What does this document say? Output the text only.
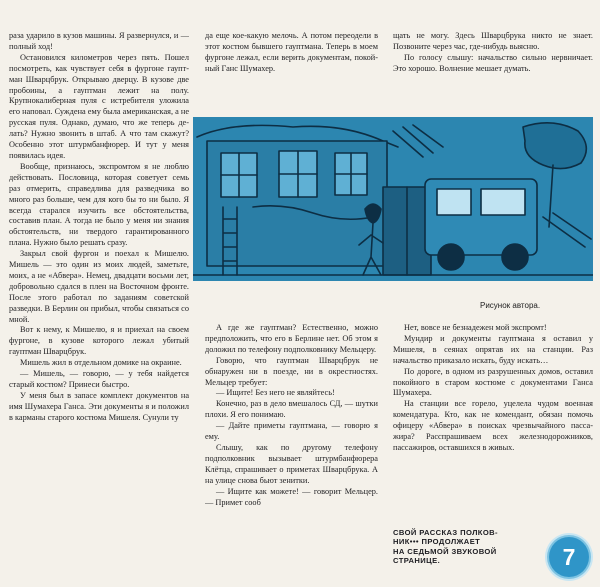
раза ударило в кузов машины. Я развернулся, и — полный ход!

Остановился километров через пять. Пошел посмотреть, как чувствует себя в фургоне гауптман Шварцбрук. Открываю дверцу. В кузове две пробоины, а гауптман лежит на полу. Крупнокалиберная пуля с истребителя уложила его наповал. Суждена ему была американская, а не русская пуля. Однако, думаю, что же теперь делать? Нужно звонить в штаб. А что там скажут? Особенно этот штурмбанфюрер. И тут у меня появилась идея.

Вообще, признаюсь, экспромтом я не люблю действовать. Пословица, которая советует семь раз отмерить, справедлива для разведчика во много раз больше, чем для кого бы то ни было. Я всегда старался изучить все обстоятельства, составив план. А тогда не было у меня ни знания обстоятельств, ни твердого гарантированного плана. Нужно было решать сразу.

Закрыл свой фургон и поехал к Мишелю. Мишель — это один из моих людей, заметьте, моих, а не «Абвера». Немец, двадцати восьми лет, добровольно сдался в плен на Восточном фронте. После этого работал по заданиям советской разведки. В Берлин он прибыл, чтобы связаться со мной.

Вот к нему, к Мишелю, я и приехал на своем фургоне, в кузове которого лежал убитый гауптман Шварцбрук.

Мишель жил в отдельном домике на окраине.

— Мишель, — говорю, — у тебя найдется старый костюм? Принеси быстро.

У меня был в запасе комплект документов на имя Шумахера Ганса. Эти документы я и положил в карманы старого костюма Мишеля. Сунули ту

да еще кое-какую мелочь. А потом переодели в этот костюм бывшего гауптмана. Теперь в моем фургоне лежал, если верить документам, покойный Ганс Шумахер.

щать не могу. Здесь Шварцбрука никто не знает. Позвоните через час, где-нибудь выясню.

По голосу слышу: начальство сильно нервничает. Это хорошо. Волнение мешает думать.

Рисунок автора.

А где же гауптман? Естественно, можно предположить, что его в Берлине нет. Об этом я доложил по телефону подполковнику Мельцеру.

Говорю, что гауптман Шварцбрук не обнаружен ни в поезде, ни в окрестностях. Мельцер требует:

— Ищите! Без него не являйтесь!

Конечно, раз в дело вмешалось СД, — шутки плохи. Я его понимаю.

— Дайте приметы гауптмана, — говорю я ему.

Слышу, как по другому телефону подполковник вызывает штурмбанфюрера Клётца, спрашивает о приметах Шварцбрука. А на улице снова бьют зенитки.

— Ищите как можете! — говорит Мельцер. — Примет сооб

Нет, вовсе не безнадежен мой экспромт!

Мундир и документы гауптмана я оставил у Мишеля, в сеянах опрятав их на станции. Раз начальство приказало искать, буду искать…

По дороге, в одном из разрушенных домов, оставил покойного в старом костюме с документами Ганса Шумахера.

На станции все горело, уцелела чудом военная комендатура. Кто, как не комендант, обязан помочь офицеру «Абвера» в поисках чрезвычайного пассажира? Расспрашиваем всех железнодорожников, пассажиров, оставшихся в живых.

СВОЙ РАССКАЗ ПОЛКОВ-

НИК••• ПРОДОЛЖАЕТ

НА СЕДЬМОЙ ЗВУКОВОЙ

СТРАНИЦЕ.	7
